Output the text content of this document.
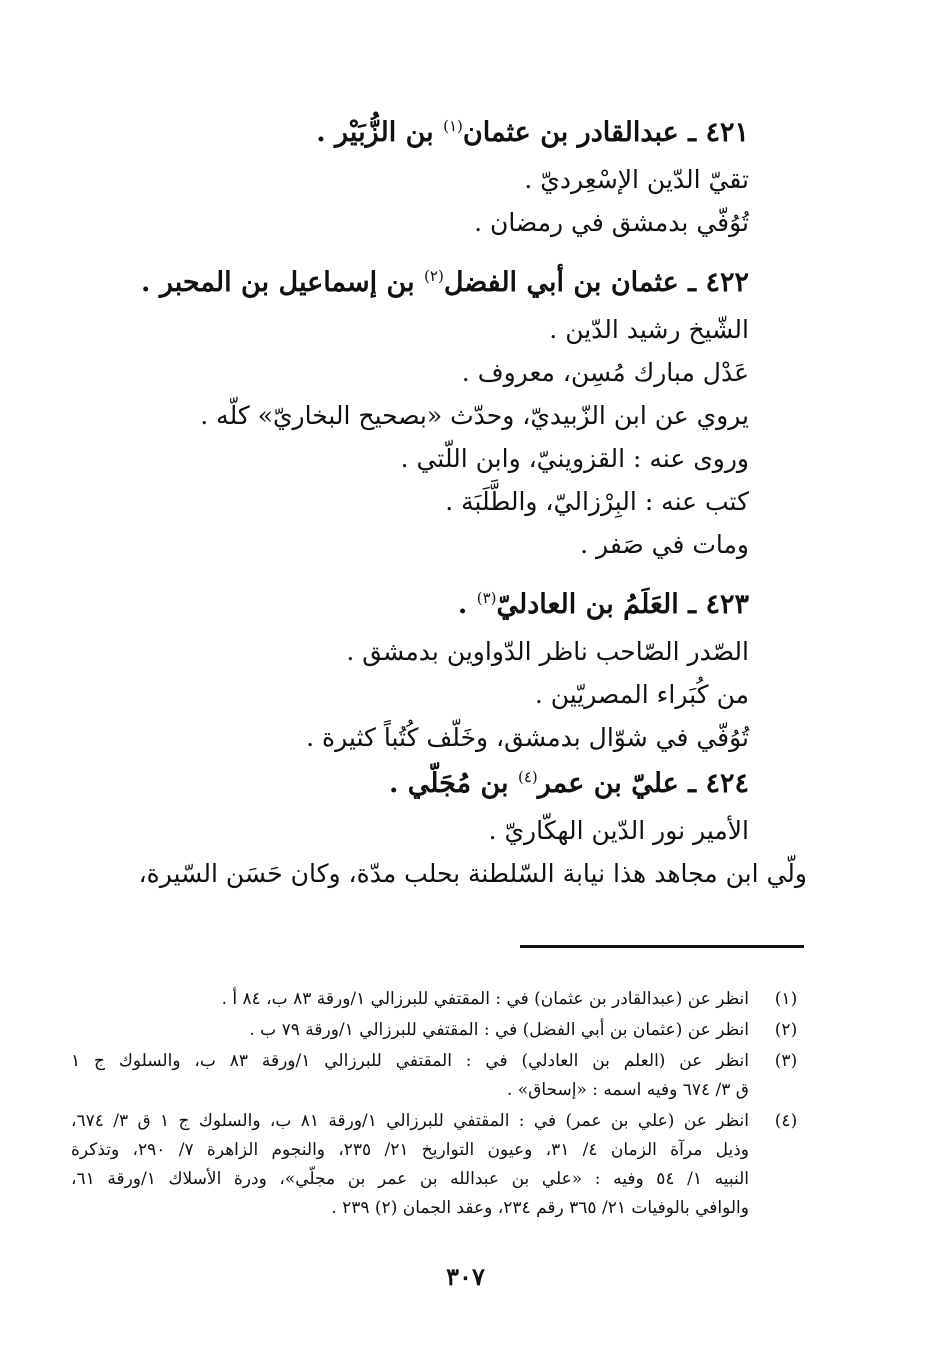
٤٢١ ـ عبدالقادر بن عثمان$^{(١)}$ بن الزُّبَيْر .
تقيّ الدّين الإسْعِرديّ .
تُوُفّي بدمشق في رمضان .
٤٢٢ ـ عثمان بن أبي الفضل$^{(٢)}$ بن إسماعيل بن المحبر .
الشّيخ رشيد الدّين .
عَدْل مبارك مُسِن، معروف .
يروي عن ابن الزّبيديّ، وحدّث «بصحيح البخاريّ» كلّه .
وروى عنه : القزوينيّ، وابن اللّتي .
كتب عنه : البِرْزاليّ، والطَّلَبَة .
ومات في صَفر .
٤٢٣ ـ العَلَمُ بن العادليّ$^{(٣)}$ .
الصّدر الصّاحب ناظر الدّواوين بدمشق .
من كُبَراء المصريّين .
تُوُفّي في شوّال بدمشق، وخَلّف كُتُباً كثيرة .
٤٢٤ ـ عليّ بن عمر$^{(٤)}$ بن مُجَلّي .
الأمير نور الدّين الهكّاريّ .
ولّي ابن مجاهد هذا نيابة السّلطنة بحلب مدّة، وكان حَسَن السّيرة،
(١)
انظر عن (عبدالقادر بن عثمان) في : المقتفي للبرزالي ١/ورقة ٨٣ ب، ٨٤ أ .
(٢)
انظر عن (عثمان بن أبي الفضل) في : المقتفي للبرزالي ١/ورقة ٧٩ ب .
(٣)
انظر عن (العلم بن العادلي) في : المقتفي للبرزالي ١/ورقة ٨٣ ب، والسلوك ج ١
ق ٣/ ٦٧٤ وفيه اسمه : «إسحاق» .
(٤)
انظر عن (علي بن عمر) في : المقتفي للبرزالي ١/ورقة ٨١ ب، والسلوك ج ١ ق ٣/ ٦٧٤،
وذيل مرآة الزمان ٤/ ٣١، وعيون التواريخ ٢١/ ٢٣٥، والنجوم الزاهرة ٧/ ٢٩٠، وتذكرة
النبيه ١/ ٥٤ وفيه : «علي بن عبدالله بن عمر بن مجلّي»، ودرة الأسلاك ١/ورقة ٦١،
والوافي بالوفيات ٢١/ ٣٦٥ رقم ٢٣٤، وعقد الجمان (٢) ٢٣٩ .
٣٠٧
